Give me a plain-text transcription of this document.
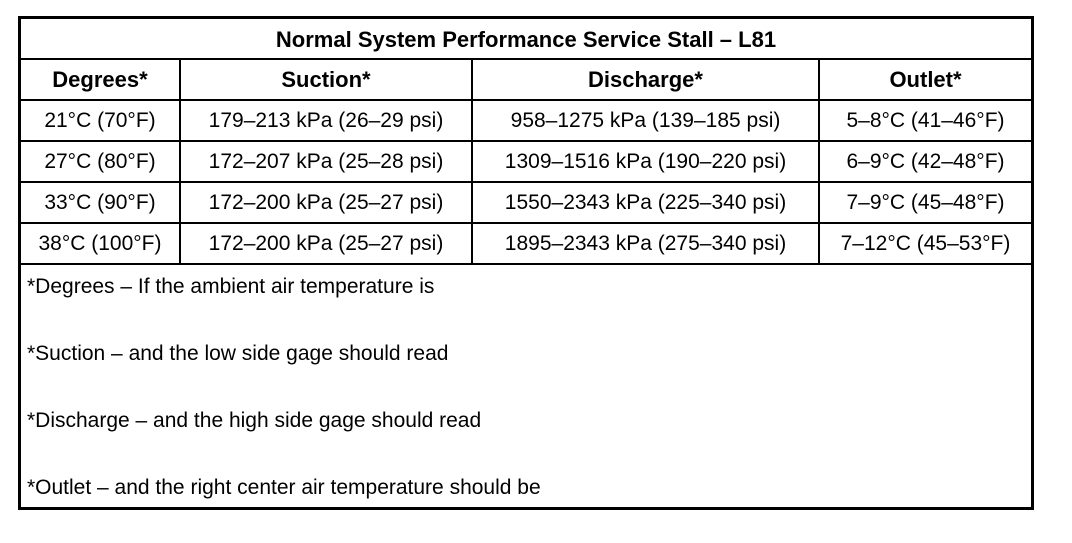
Normal System Performance Service Stall – L81
Degrees*	Suction*	Discharge*	Outlet*
21°C (70°F)	179–213 kPa (26–29 psi)	958–1275 kPa (139–185 psi)	5–8°C (41–46°F)
27°C (80°F)	172–207 kPa (25–28 psi)	1309–1516 kPa (190–220 psi)	6–9°C (42–48°F)
33°C (90°F)	172–200 kPa (25–27 psi)	1550–2343 kPa (225–340 psi)	7–9°C (45–48°F)
38°C (100°F)	172–200 kPa (25–27 psi)	1895–2343 kPa (275–340 psi)	7–12°C (45–53°F)
*Degrees – If the ambient air temperature is
*Suction – and the low side gage should read
*Discharge – and the high side gage should read
*Outlet – and the right center air temperature should be
